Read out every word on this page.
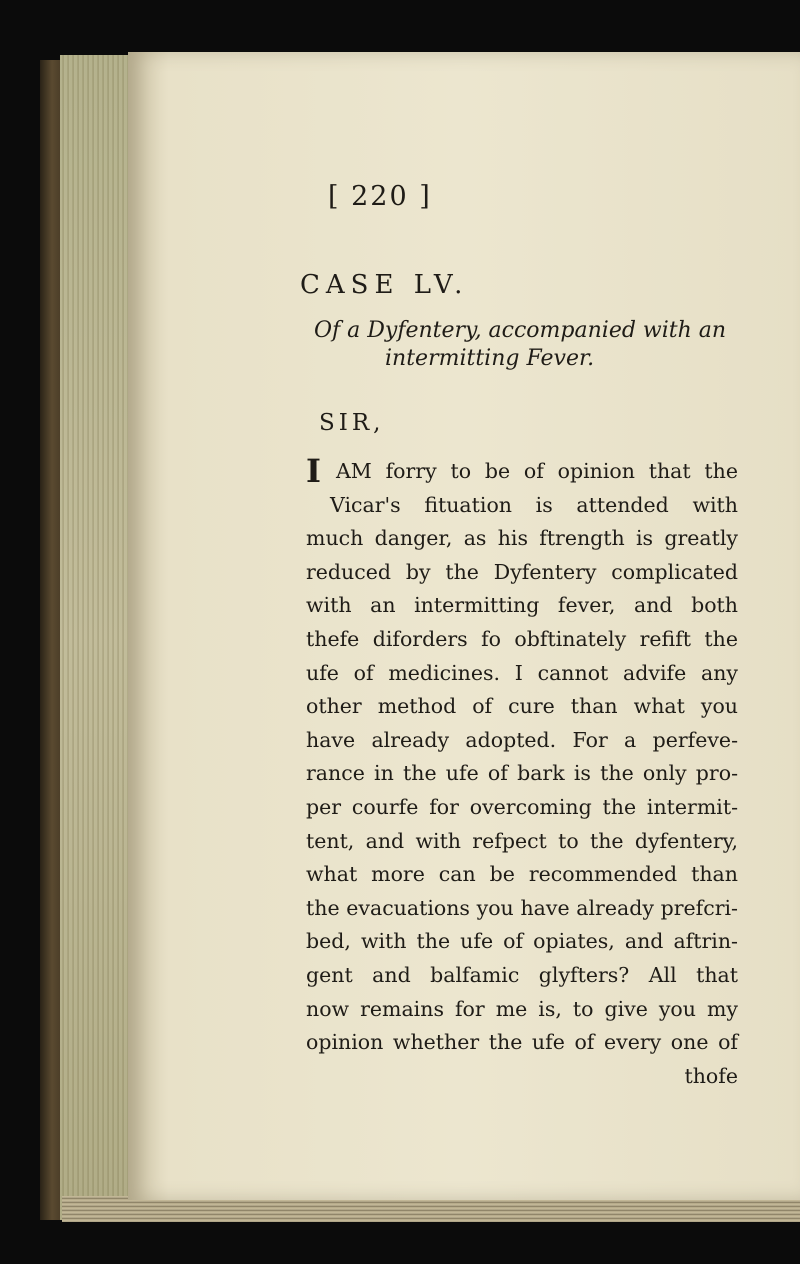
[ 220 ]
CASE LV.
Of a Dyfentery, accompanied with an
intermitting Fever.
SIR,
I AM forry to be of opinion that the
Vicar's fituation is attended with
much danger, as his ftrength is greatly
reduced by the Dyfentery complicated
with an intermitting fever, and both
thefe diforders fo obftinately refift the
ufe of medicines. I cannot advife any
other method of cure than what you
have already adopted. For a perfeve-
rance in the ufe of bark is the only pro-
per courfe for overcoming the intermit-
tent, and with refpect to the dyfentery,
what more can be recommended than
the evacuations you have already prefcri-
bed, with the ufe of opiates, and aftrin-
gent and balfamic glyfters? All that
now remains for me is, to give you my
opinion whether the ufe of every one of
thofe
